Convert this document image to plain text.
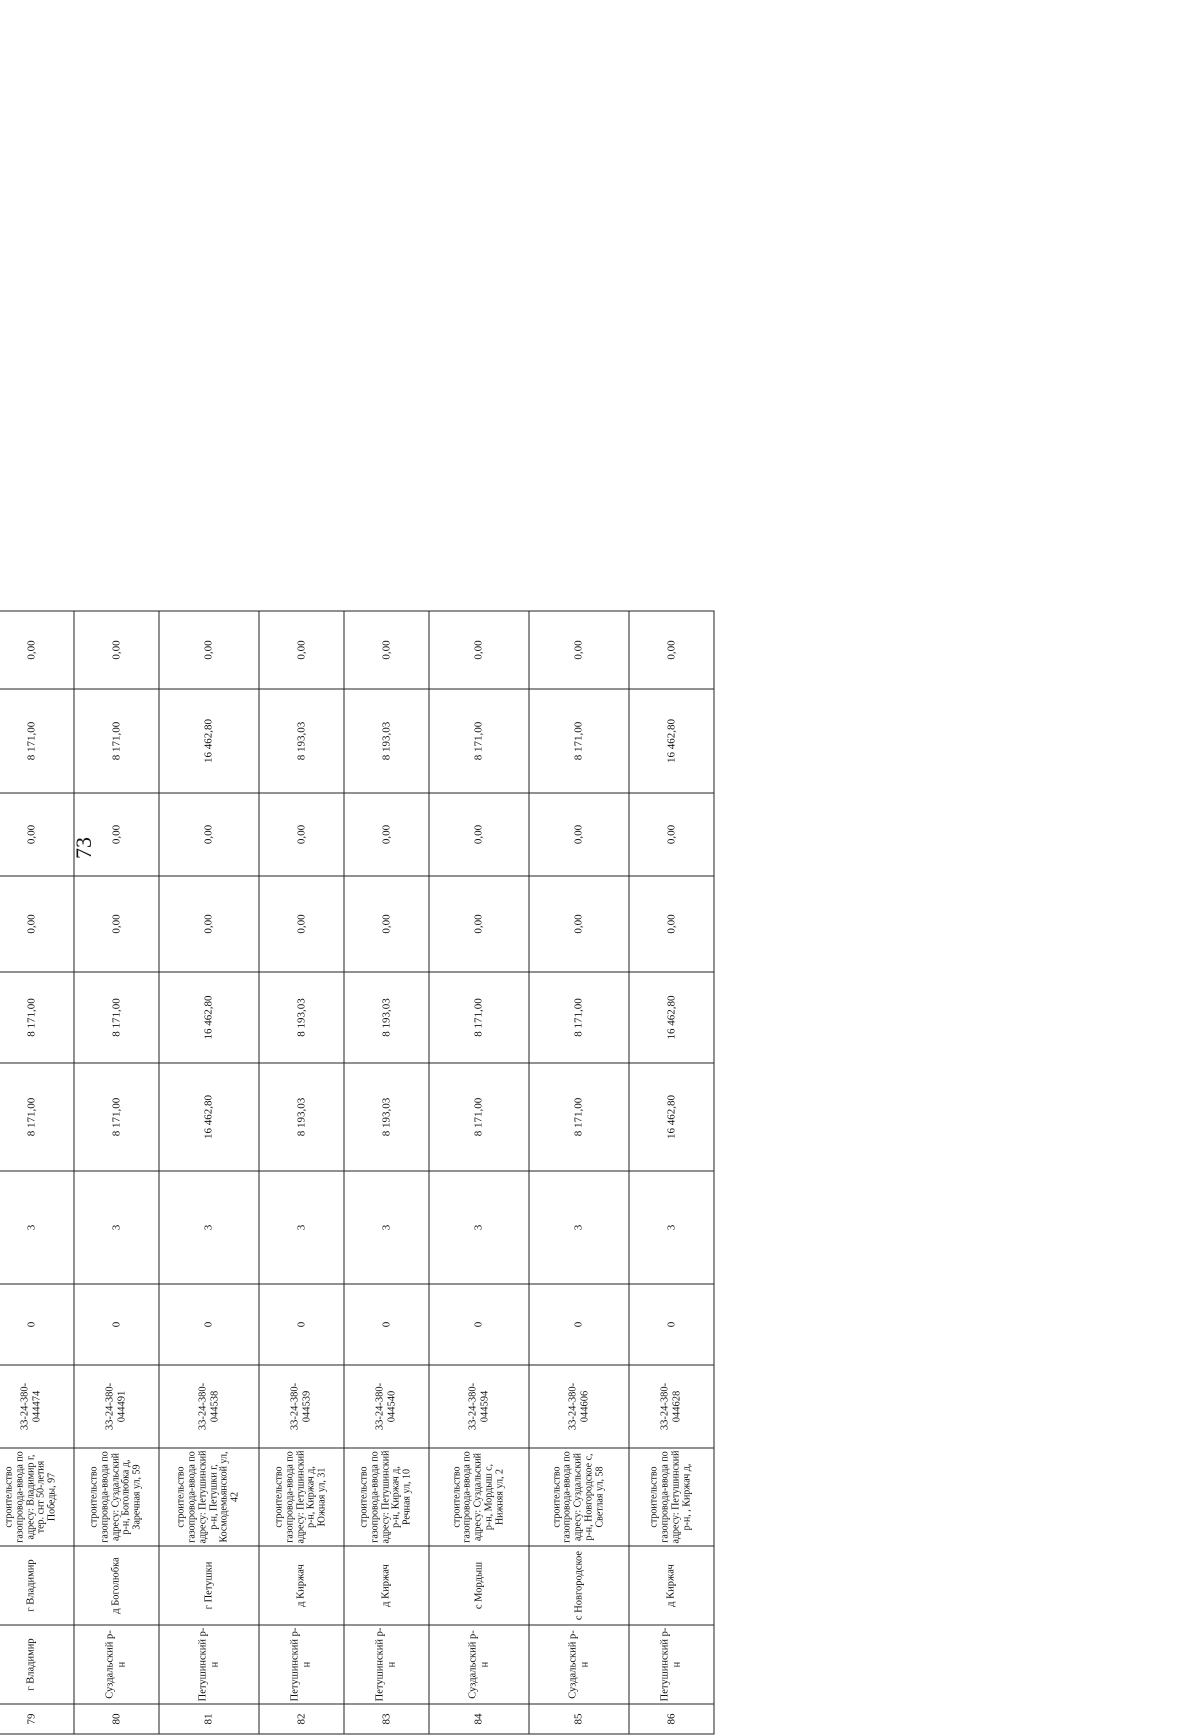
73

79	г Владимир	г Владимир	строительство газопровода-ввода по адресу: Владимир г, тер. снт 50-летия Победы, 97	33-24-380-044474	0	3	8 171,00	8 171,00	0,00	0,00	8 171,00	0,00
80	Суздальский р-н	д Боголюбка	строительство газопровода-ввода по адресу: Суздальский р-н, Боголюбка д, Заречная ул, 59	33-24-380-044491	0	3	8 171,00	8 171,00	0,00	0,00	8 171,00	0,00
81	Петушинский р-н	г Петушки	строительство газопровода-ввода по адресу: Петушинский р-н, Петушки г, Космодемьянской ул, 42	33-24-380-044538	0	3	16 462,80	16 462,80	0,00	0,00	16 462,80	0,00
82	Петушинский р-н	д Киржач	строительство газопровода-ввода по адресу: Петушинский р-н, Киржач д, Южная ул, 31	33-24-380-044539	0	3	8 193,03	8 193,03	0,00	0,00	8 193,03	0,00
83	Петушинский р-н	д Киржач	строительство газопровода-ввода по адресу: Петушинский р-н, Киржач д, Речная ул, 10	33-24-380-044540	0	3	8 193,03	8 193,03	0,00	0,00	8 193,03	0,00
84	Суздальский р-н	с Мордыш	строительство газопровода-ввода по адресу: Суздальский р-н, Мордыш с, Нижняя ул, 2	33-24-380-044594	0	3	8 171,00	8 171,00	0,00	0,00	8 171,00	0,00
85	Суздальский р-н	с Новгородское	строительство газопровода-ввода по адресу: Суздальский р-н, Новгородское с, Светлая ул, 58	33-24-380-044606	0	3	8 171,00	8 171,00	0,00	0,00	8 171,00	0,00
86	Петушинский р-н	д Киржач	строительство газопровода-ввода по адресу: Петушинский р-н, , Киржач д,	33-24-380-044628	0	3	16 462,80	16 462,80	0,00	0,00	16 462,80	0,00
